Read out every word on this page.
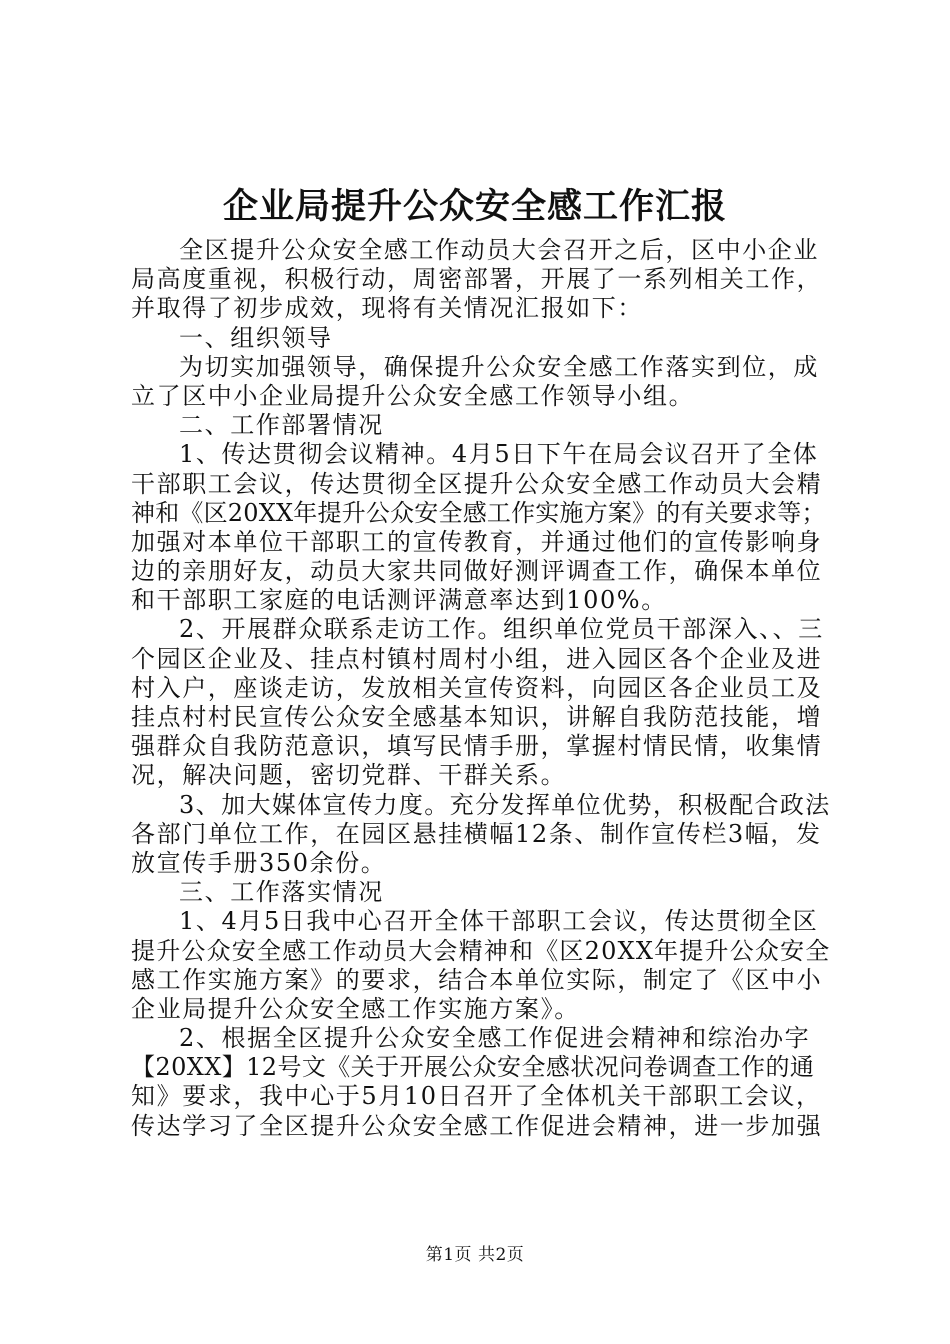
企业局提升公众安全感工作汇报
全区提升公众安全感工作动员大会召开之后，区中小企业
局高度重视，积极行动，周密部署，开展了一系列相关工作，
并取得了初步成效，现将有关情况汇报如下：
一、组织领导
为切实加强领导，确保提升公众安全感工作落实到位，成
立了区中小企业局提升公众安全感工作领导小组。
二、工作部署情况
1、传达贯彻会议精神。4月5日下午在局会议召开了全体
干部职工会议，传达贯彻全区提升公众安全感工作动员大会精
神和《区20XX年提升公众安全感工作实施方案》的有关要求等；
加强对本单位干部职工的宣传教育，并通过他们的宣传影响身
边的亲朋好友，动员大家共同做好测评调查工作，确保本单位
和干部职工家庭的电话测评满意率达到100%。
2、开展群众联系走访工作。组织单位党员干部深入、、三
个园区企业及、挂点村镇村周村小组，进入园区各个企业及进
村入户，座谈走访，发放相关宣传资料，向园区各企业员工及
挂点村村民宣传公众安全感基本知识，讲解自我防范技能，增
强群众自我防范意识，填写民情手册，掌握村情民情，收集情
况，解决问题，密切党群、干群关系。
3、加大媒体宣传力度。充分发挥单位优势，积极配合政法
各部门单位工作，在园区悬挂横幅12条、制作宣传栏3幅，发
放宣传手册350余份。
三、工作落实情况
1、4月5日我中心召开全体干部职工会议，传达贯彻全区
提升公众安全感工作动员大会精神和《区20XX年提升公众安全
感工作实施方案》的要求，结合本单位实际，制定了《区中小
企业局提升公众安全感工作实施方案》。
2、根据全区提升公众安全感工作促进会精神和综治办字
【20XX】12号文《关于开展公众安全感状况问卷调查工作的通
知》要求，我中心于5月10日召开了全体机关干部职工会议，
传达学习了全区提升公众安全感工作促进会精神，进一步加强
第1页 共2页
